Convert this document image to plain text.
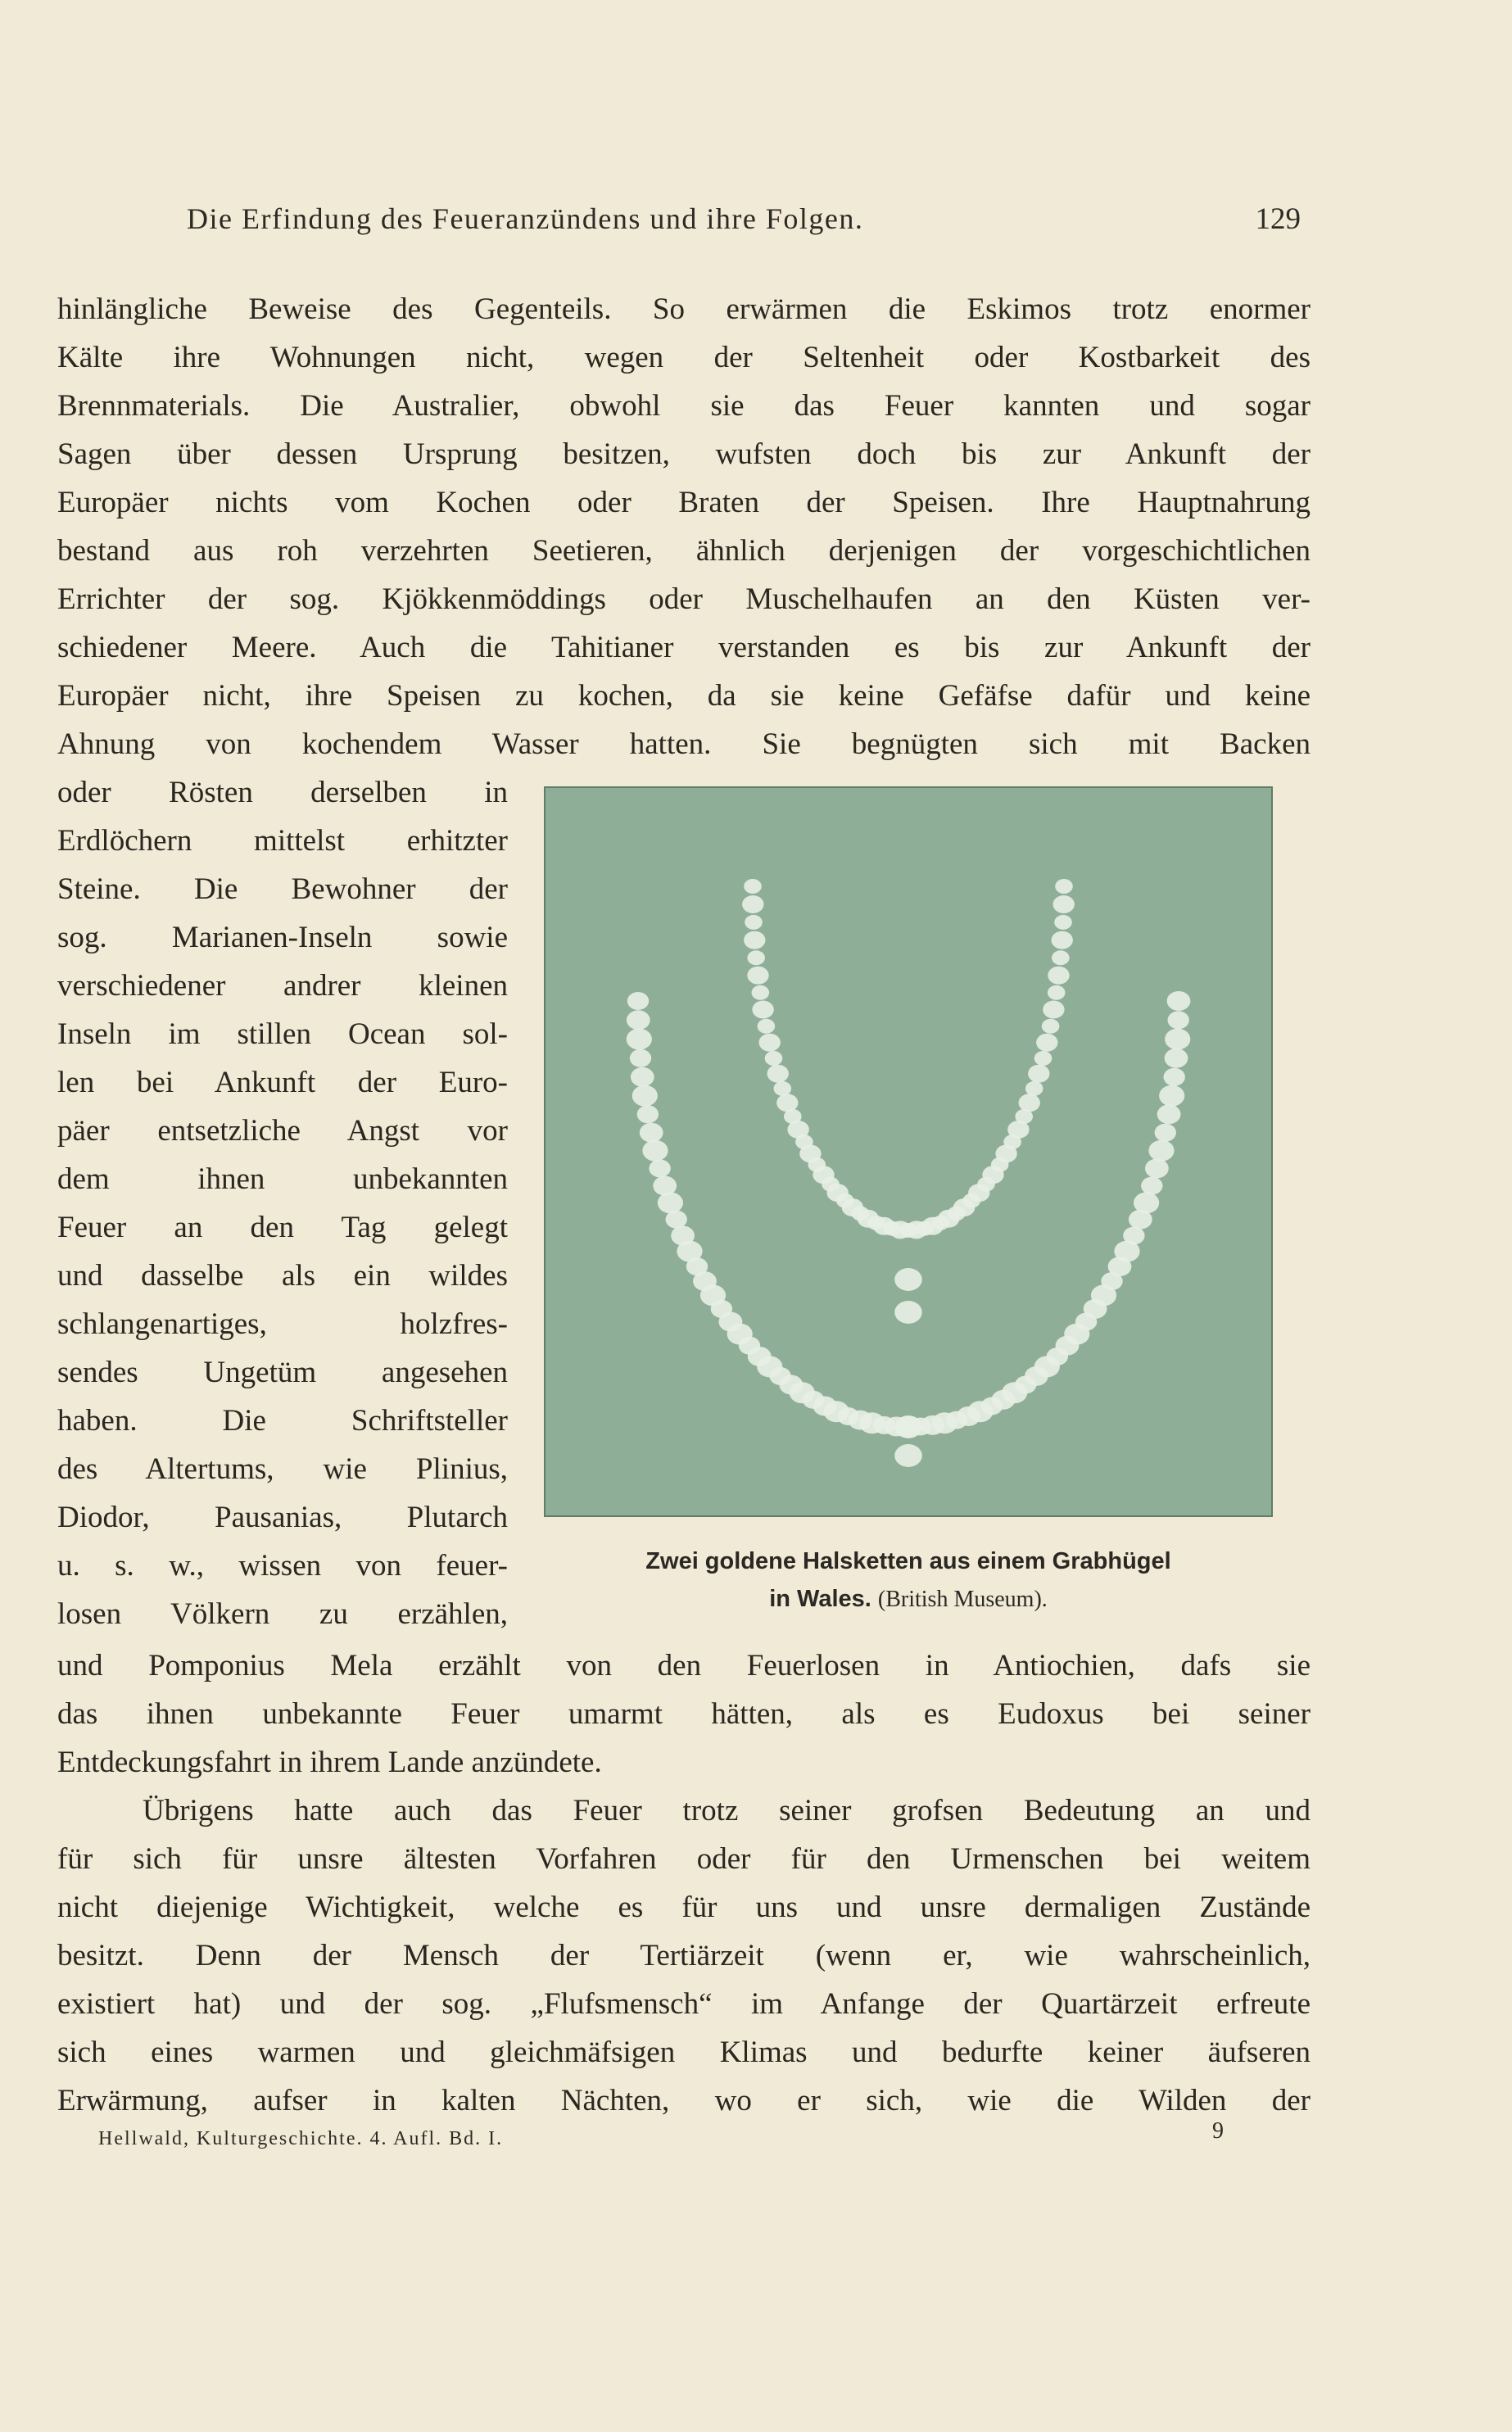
Die Erfindung des Feueranzündens und ihre Folgen.	129
hinlängliche Beweise des Gegenteils. So erwärmen die Eskimos trotz enormer
Kälte ihre Wohnungen nicht, wegen der Seltenheit oder Kostbarkeit des
Brennmaterials. Die Australier, obwohl sie das Feuer kannten und sogar
Sagen über dessen Ursprung besitzen, wufsten doch bis zur Ankunft der
Europäer nichts vom Kochen oder Braten der Speisen. Ihre Hauptnahrung
bestand aus roh verzehrten Seetieren, ähnlich derjenigen der vorgeschichtlichen
Errichter der sog. Kjökkenmöddings oder Muschelhaufen an den Küsten ver-
schiedener Meere. Auch die Tahitianer verstanden es bis zur Ankunft der
Europäer nicht, ihre Speisen zu kochen, da sie keine Gefäfse dafür und keine
Ahnung von kochendem Wasser hatten. Sie begnügten sich mit Backen
oder Rösten derselben in
Erdlöchern mittelst erhitzter
Steine. Die Bewohner der
sog. Marianen-Inseln sowie
verschiedener andrer kleinen
Inseln im stillen Ocean sol-
len bei Ankunft der Euro-
päer entsetzliche Angst vor
dem ihnen unbekannten
Feuer an den Tag gelegt
und dasselbe als ein wildes
schlangenartiges, holzfres-
sendes Ungetüm angesehen
haben. Die Schriftsteller
des Altertums, wie Plinius,
Diodor, Pausanias, Plutarch
u. s. w., wissen von feuer-
losen Völkern zu erzählen,
Zwei goldene Halsketten aus einem Grabhügel
in Wales. (British Museum).
und Pomponius Mela erzählt von den Feuerlosen in Antiochien, dafs sie
das ihnen unbekannte Feuer umarmt hätten, als es Eudoxus bei seiner
Entdeckungsfahrt in ihrem Lande anzündete.
Übrigens hatte auch das Feuer trotz seiner grofsen Bedeutung an und
für sich für unsre ältesten Vorfahren oder für den Urmenschen bei weitem
nicht diejenige Wichtigkeit, welche es für uns und unsre dermaligen Zustände
besitzt. Denn der Mensch der Tertiärzeit (wenn er, wie wahrscheinlich,
existiert hat) und der sog. „Flufsmensch“ im Anfange der Quartärzeit erfreute
sich eines warmen und gleichmäfsigen Klimas und bedurfte keiner äufseren
Erwärmung, aufser in kalten Nächten, wo er sich, wie die Wilden der
Hellwald, Kulturgeschichte. 4. Aufl. Bd. I.	9
